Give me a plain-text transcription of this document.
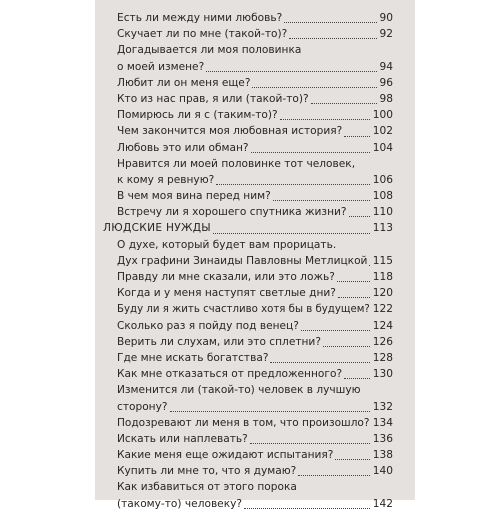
Есть ли между ними любовь?	90
Скучает ли по мне (такой-то)?	92
Догадывается ли моя половинка
о моей измене?	94
Любит ли он меня еще?	96
Кто из нас прав, я или (такой-то)?	98
Помирюсь ли я с (таким-то)?	100
Чем закончится моя любовная история?	102
Любовь это или обман?	104
Нравится ли моей половинке тот человек,
к кому я ревную?	106
В чем моя вина перед ним?	108
Встречу ли я хорошего спутника жизни? 110
ЛЮДСКИЕ НУЖДЫ	113
О духе, который будет вам прорицать.
Дух графини Зинаиды Павловны Метлицкой 115
Правду ли мне сказали, или это ложь?	118
Когда и у меня наступят светлые дни?	120
Буду ли я жить счастливо хотя бы в будущем? 122
Сколько раз я пойду под венец?	124
Верить ли слухам, или это сплетни?	126
Где мне искать богатства?	128
Как мне отказаться от предложенного?	130
Изменится ли (такой-то) человек в лучшую
сторону?	132
Подозревают ли меня в том, что произошло? 134
Искать или наплевать?	136
Какие меня еще ожидают испытания?	138
Купить ли мне то, что я думаю?	140
Как избавиться от этого порока
(такому-то) человеку?	142
